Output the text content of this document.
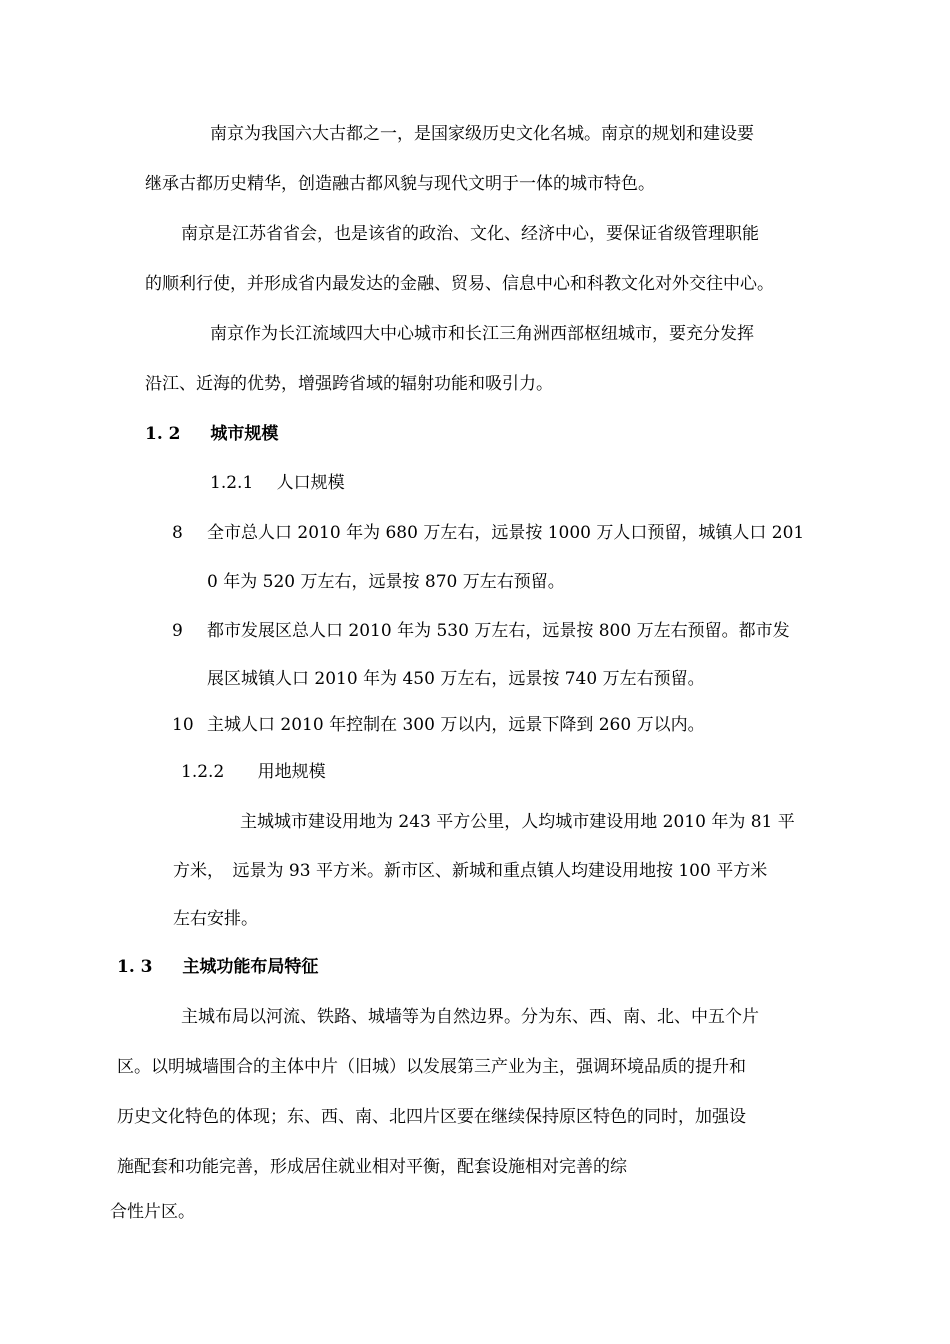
南京为我国六大古都之一，是国家级历史文化名城。南京的规划和建设要
继承古都历史精华，创造融古都风貌与现代文明于一体的城市特色。
南京是江苏省省会，也是该省的政治、文化、经济中心，要保证省级管理职能
的顺利行使，并形成省内最发达的金融、贸易、信息中心和科教文化对外交往中心。
南京作为长江流域四大中心城市和长江三角洲西部枢纽城市，要充分发挥
沿江、近海的优势，增强跨省域的辐射功能和吸引力。
1. 2 城市规模
1.2.1 人口规模
8 全市总人口 2010 年为 680 万左右，远景按 1000 万人口预留，城镇人口 201
0 年为 520 万左右，远景按 870 万左右预留。
9 都市发展区总人口 2010 年为 530 万左右，远景按 800 万左右预留。都市发
展区城镇人口 2010 年为 450 万左右，远景按 740 万左右预留。
10 主城人口 2010 年控制在 300 万以内，远景下降到 260 万以内。
1.2.2 用地规模
主城城市建设用地为 243 平方公里，人均城市建设用地 2010 年为 81 平
方米，　远景为 93 平方米。新市区、新城和重点镇人均建设用地按 100 平方米
左右安排。
1. 3 主城功能布局特征
主城布局以河流、铁路、城墙等为自然边界。分为东、西、南、北、中五个片
区。以明城墙围合的主体中片（旧城）以发展第三产业为主，强调环境品质的提升和
历史文化特色的体现；东、西、南、北四片区要在继续保持原区特色的同时，加强设
施配套和功能完善，形成居住就业相对平衡，配套设施相对完善的综
合性片区。
